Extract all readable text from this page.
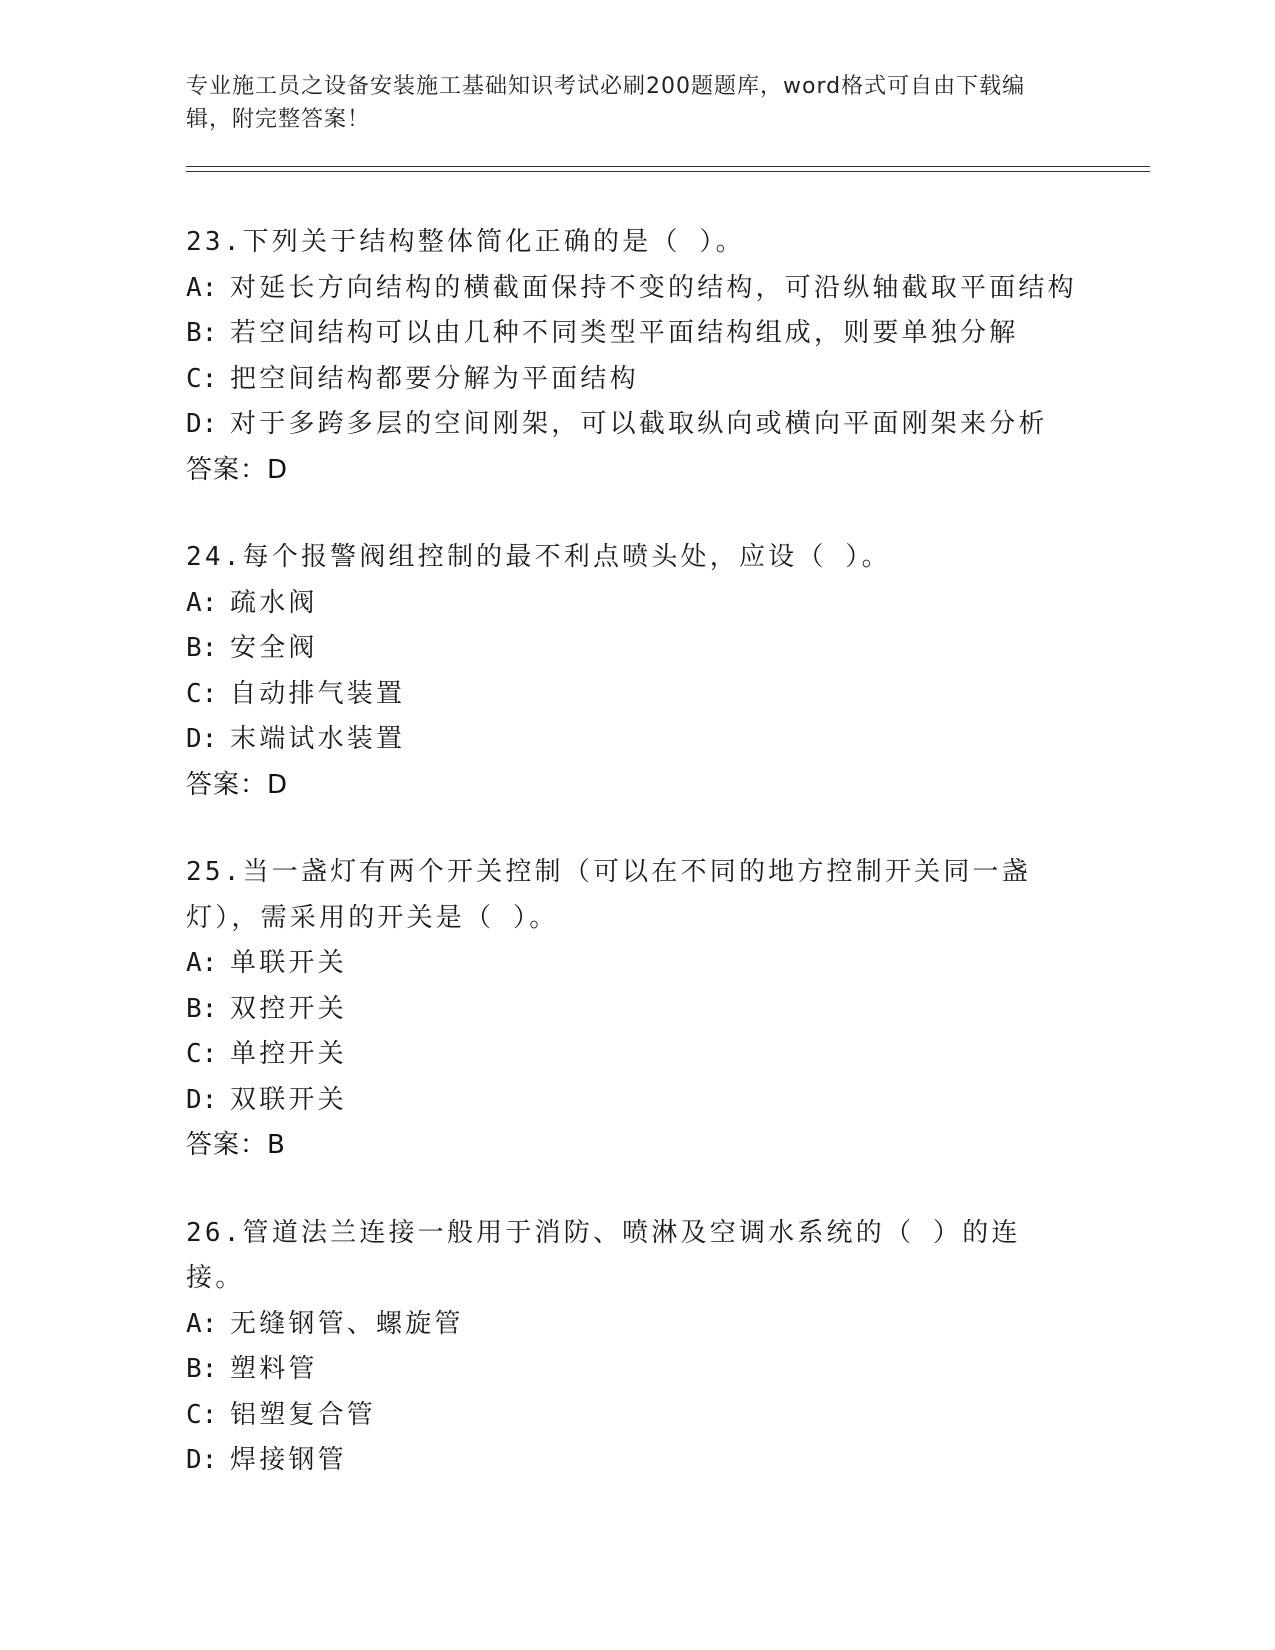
专业施工员之设备安装施工基础知识考试必刷200题题库，word格式可自由下载编辑，附完整答案！
23.下列关于结构整体简化正确的是（ ）。
A: 对延长方向结构的横截面保持不变的结构，可沿纵轴截取平面结构
B: 若空间结构可以由几种不同类型平面结构组成，则要单独分解
C: 把空间结构都要分解为平面结构
D: 对于多跨多层的空间刚架，可以截取纵向或横向平面刚架来分析
答案：D
24.每个报警阀组控制的最不利点喷头处，应设（ ）。
A: 疏水阀
B: 安全阀
C: 自动排气装置
D: 末端试水装置
答案：D
25.当一盏灯有两个开关控制（可以在不同的地方控制开关同一盏灯），需采用的开关是（ ）。
A: 单联开关
B: 双控开关
C: 单控开关
D: 双联开关
答案：B
26.管道法兰连接一般用于消防、喷淋及空调水系统的（ ）的连接。
A: 无缝钢管、螺旋管
B: 塑料管
C: 铝塑复合管
D: 焊接钢管
